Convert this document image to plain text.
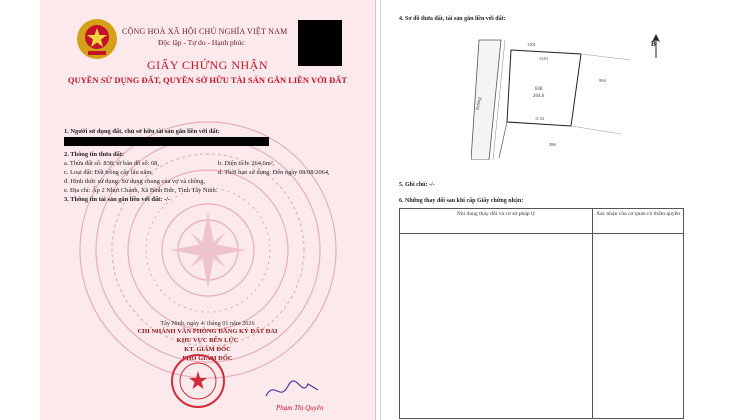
CỘNG HOÀ XÃ HỘI CHỦ NGHĨA VIỆT NAM
Độc lập - Tự do - Hạnh phúc
GIẤY CHỨNG NHẬN
QUYỀN SỬ DỤNG ĐẤT, QUYỀN SỞ HỮU TÀI SẢN GẮN LIỀN VỚI ĐẤT
1. Người sử dụng đất, chủ sở hữu tài sản gắn liền với đất:
2. Thông tin thửa đất:
a. Thửa đất số: 838; tờ bản đồ số: 68,	b. Diện tích: 264,6m²,
c. Loại đất: Đất trồng cây lâu năm,	d. Thời hạn sử dụng: Đến ngày 08/08/2064,
đ. Hình thức sử dụng: Sử dụng chung của vợ và chồng,
e. Địa chỉ: Ấp 2 Nhựt Chánh, Xã Bình Đức, Tỉnh Tây Ninh.
3. Thông tin tài sản gắn liền với đất: -/-
Tây Ninh, ngày 4/ tháng 01 năm 2026
CHI NHÁNH VĂN PHÒNG ĐĂNG KÝ ĐẤT ĐAI
KHU VỰC BẾN LỨC
KT. GIÁM ĐỐC
PHÓ GIÁM ĐỐC
Phạm Thị Quyên
4. Sơ đồ thửa đất, tài sản gắn liền với đất:
838
264.6
1101
994
586
Đường
13.03
11.54
B
5. Ghi chú: -/-
6. Những thay đổi sau khi cấp Giấy chứng nhận:
Nội dung thay đổi và cơ sở pháp lý	Xác nhận của cơ quan có thẩm quyền
